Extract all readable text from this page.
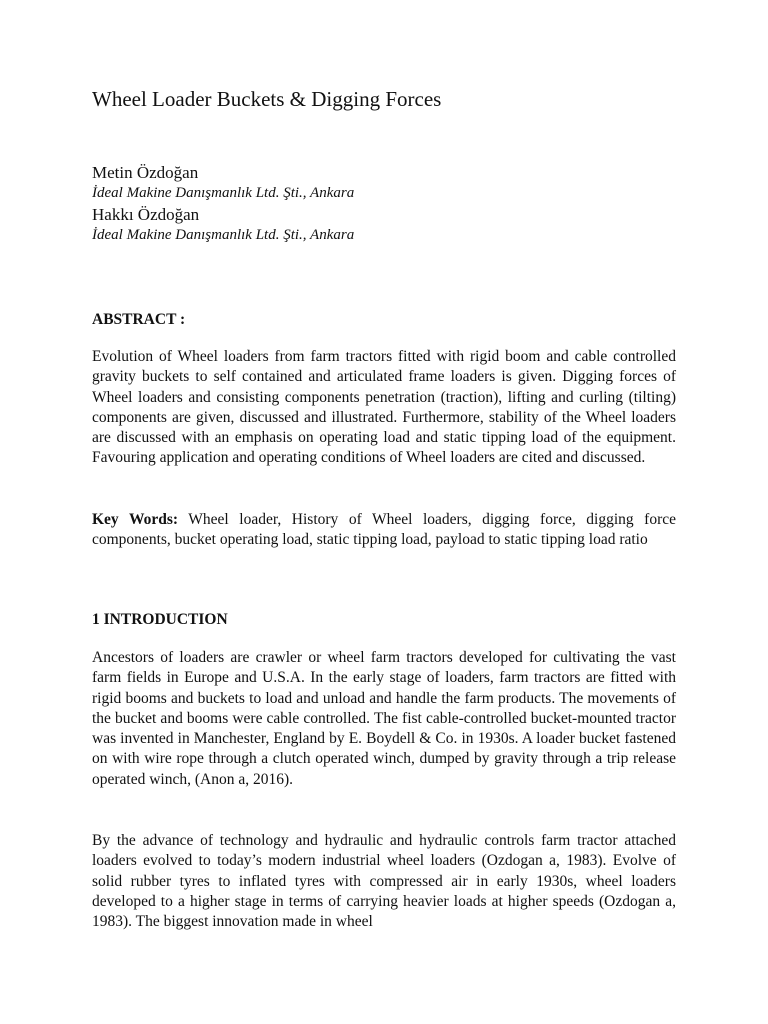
Wheel Loader Buckets & Digging Forces
Metin Özdoğan
İdeal Makine Danışmanlık Ltd. Şti., Ankara
Hakkı Özdoğan
İdeal Makine Danışmanlık Ltd. Şti., Ankara
ABSTRACT :

Evolution of Wheel loaders from farm tractors fitted with rigid boom and cable controlled gravity buckets to self contained and articulated frame loaders is given. Digging forces of Wheel loaders and consisting components penetration (traction), lifting and curling (tilting) components are given, discussed and illustrated. Furthermore, stability of the Wheel loaders are discussed with an emphasis on operating load and static tipping load of the equipment. Favouring application and operating conditions of Wheel loaders are cited and discussed.

Key Words: Wheel loader, History of Wheel loaders, digging force, digging force components, bucket operating load, static tipping load, payload to static tipping load ratio

1 INTRODUCTION

Ancestors of loaders are crawler or wheel farm tractors developed for cultivating the vast farm fields in Europe and U.S.A. In the early stage of loaders, farm tractors are fitted with rigid booms and buckets to load and unload and handle the farm products. The movements of the bucket and booms were cable controlled. The fist cable-controlled bucket-mounted tractor was invented in Manchester, England by E. Boydell & Co. in 1930s. A loader bucket fastened on with wire rope through a clutch operated winch, dumped by gravity through a trip release operated winch, (Anon a, 2016).

By the advance of technology and hydraulic and hydraulic controls farm tractor attached loaders evolved to today’s modern industrial wheel loaders (Ozdogan a, 1983). Evolve of solid rubber tyres to inflated tyres with compressed air in early 1930s, wheel loaders developed to a higher stage in terms of carrying heavier loads at higher speeds (Ozdogan a, 1983). The biggest innovation made in wheel
